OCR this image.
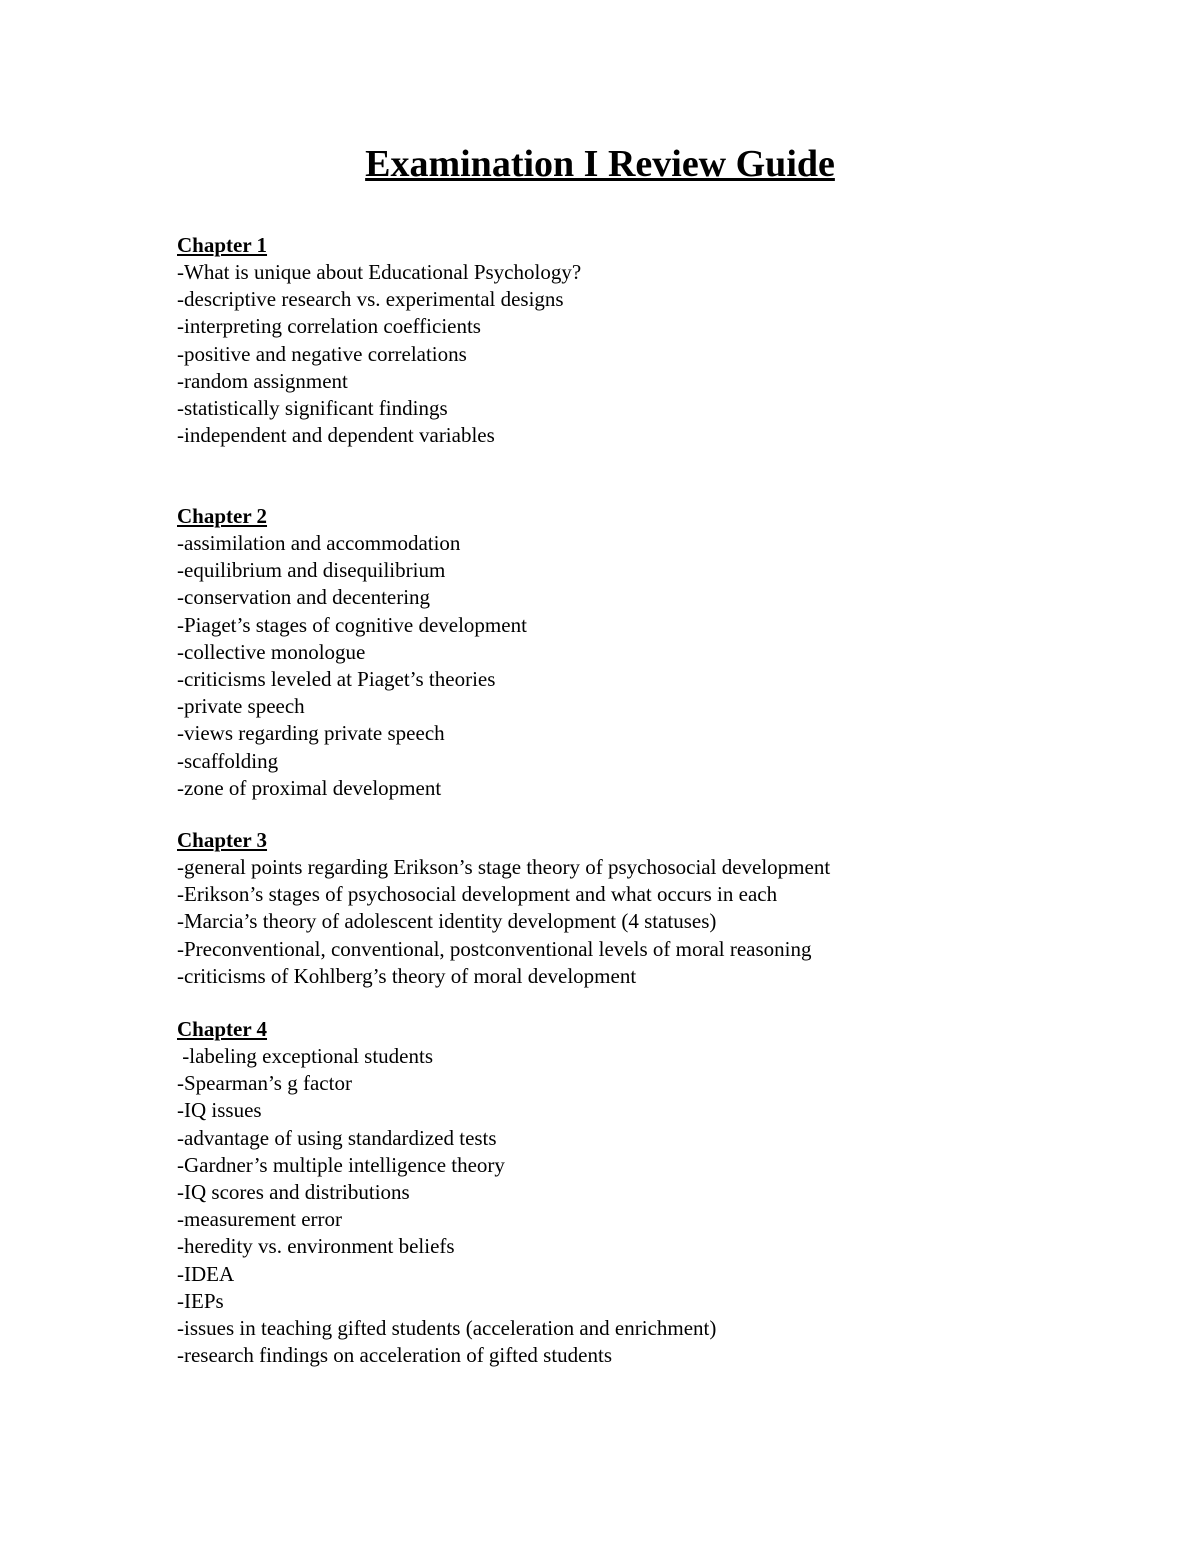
Examination I Review Guide
Chapter 1
-What is unique about Educational Psychology?
-descriptive research vs. experimental designs
-interpreting correlation coefficients
-positive and negative correlations
-random assignment
-statistically significant findings
-independent and dependent variables
Chapter 2
-assimilation and accommodation
-equilibrium and disequilibrium
-conservation and decentering
-Piaget’s stages of cognitive development
-collective monologue
-criticisms leveled at Piaget’s theories
-private speech
-views regarding private speech
-scaffolding
-zone of proximal development
Chapter 3
-general points regarding Erikson’s stage theory of psychosocial development
-Erikson’s stages of psychosocial development and what occurs in each
-Marcia’s theory of adolescent identity development (4 statuses)
-Preconventional, conventional, postconventional levels of moral reasoning
-criticisms of Kohlberg’s theory of moral development
Chapter 4
-labeling exceptional students
-Spearman’s g factor
-IQ issues
-advantage of using standardized tests
-Gardner’s multiple intelligence theory
-IQ scores and distributions
-measurement error
-heredity vs. environment beliefs
-IDEA
-IEPs
-issues in teaching gifted students (acceleration and enrichment)
-research findings on acceleration of gifted students
